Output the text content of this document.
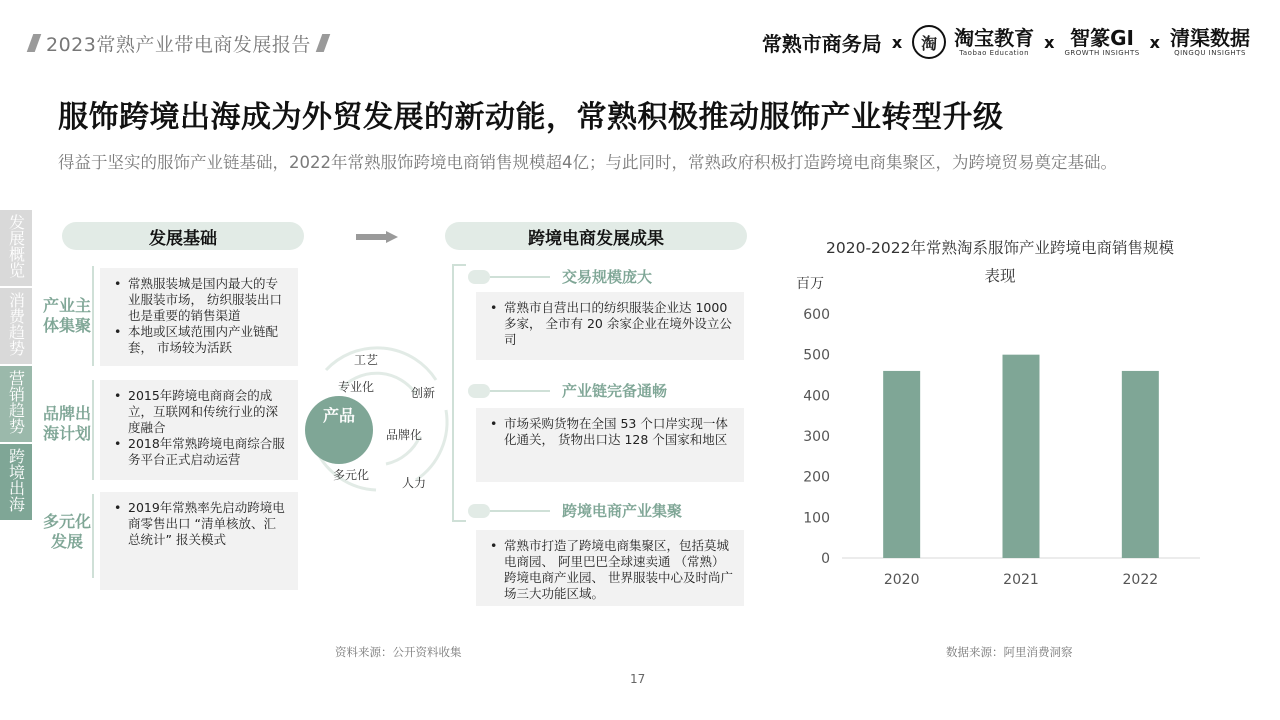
2023常熟产业带电商发展报告	常熟市商务局 x	淘 淘宝教育
Taobao Education
x 智篆GI
GROWTH INSIGHTS
x 清渠数据
QINGQU INSIGHTS
服饰跨境出海成为外贸发展的新动能，常熟积极推动服饰产业转型升级
得益于坚实的服饰产业链基础，2022年常熟服饰跨境电商销售规模超4亿；与此同时，常熟政府积极打造跨境电商集聚区，为跨境贸易奠定基础。
发展概览
消费趋势
营销趋势
跨境出海
发展基础
产业主体集聚
• 常熟服装城是国内最大的专业服装市场， 纺织服装出口也是重要的销售渠道
• 本地或区域范围内产业链配套， 市场较为活跃
品牌出海计划
• 2015年跨境电商商会的成立，互联网和传统行业的深度融合
• 2018年常熟跨境电商综合服务平台正式启动运营
多元化发展
• 2019年常熟率先启动跨境电商零售出口 “清单核放、汇总统计” 报关模式
产品
工艺
专业化	创新
品牌化
多元化
人力
跨境电商发展成果
交易规模庞大
• 常熟市自营出口的纺织服装企业达 1000 多家， 全市有 20 余家企业在境外设立公司
产业链完备通畅
• 市场采购货物在全国 53 个口岸实现一体化通关， 货物出口达 128 个国家和地区
跨境电商产业集聚
• 常熟市打造了跨境电商集聚区，包括莫城电商园、 阿里巴巴全球速卖通 （常熟） 跨境电商产业园、 世界服装中心及时尚广场三大功能区域。
2020-2022年常熟淘系服饰产业跨境电商销售规模表现
百万
0
100
200
300
400
500
600
2020	2021	2022
资料来源：公开资料收集	数据来源：阿里消费洞察
17
